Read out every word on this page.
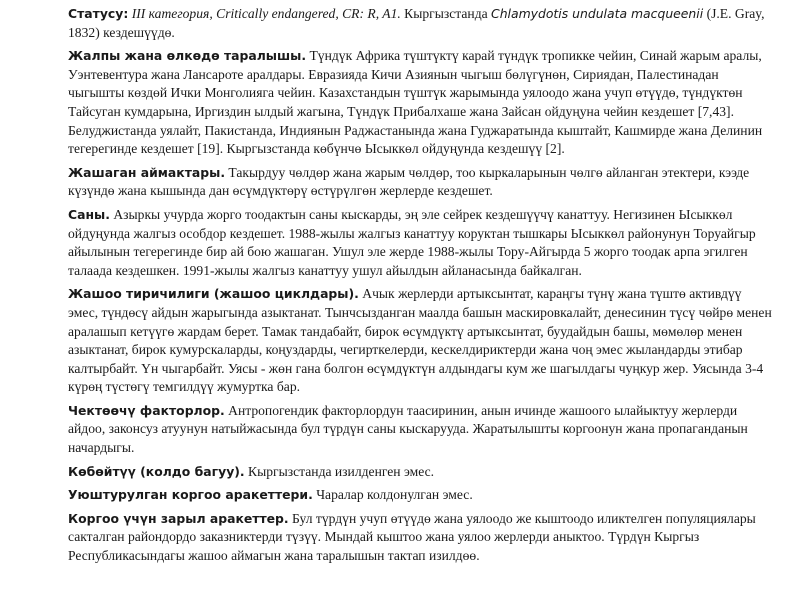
Статусу: III категория, Critically endangered, CR: R, A1. Кыргызстанда Chlamydotis undulata macqueenii (J.E. Gray, 1832) кездешүүдө.

Жалпы жана өлкөдө таралышы. Түндүк Африка түштүктү карай түндүк тропикке чейин, Синай жарым аралы, Уэнтевентура жана Лансароте аралдары. Евразияда Кичи Азиянын чыгыш бөлүгүнөн, Сириядан, Палестинадан чыгышты көздөй Ички Монголияга чейин. Казахстандын түштүк жарымында уялоодо жана учуп өтүүдө, түндүктөн Тайсуган кумдарына, Иргиздин ылдый жагына, Түндүк Прибалхаше жана Зайсан ойдуңуна чейин кездешет [7,43]. Белуджистанда уялайт, Пакистанда, Индиянын Раджастанында жана Гуджаратында кыштайт, Кашмирде жана Делинин тегерегинде кездешет [19]. Кыргызстанда көбүнчө Ысыккөл ойдуңунда кездешүү [2].

Жашаган аймактары. Такырдуу чөлдөр жана жарым чөлдөр, тоо кыркаларынын чөлгө айланган этектери, кээде күзүндө жана кышында дан өсүмдүктөрү өстүрүлгөн жерлерде кездешет.

Саны. Азыркы учурда жорго тоодактын саны кыскарды, эң эле сейрек кездешүүчү канаттуу. Негизинен Ысыккөл ойдуңунда жалгыз особдор кездешет. 1988-жылы жалгыз канаттуу коруктан тышкары Ысыккөл районунун Торуайгыр айылынын тегерегинде бир ай бою жашаган. Ушул эле жерде 1988-жылы Тору-Айгырда 5 жорго тоодак арпа эгилген талаада кездешкен. 1991-жылы жалгыз канаттуу ушул айылдын айланасында байкалган.

Жашоо тиричилиги (жашоо циклдары). Ачык жерлерди артыксынтат, караңгы түнү жана түштө активдүү эмес, түндөсү айдын жарыгында азыктанат. Тынчсызданган маалда башын маскировкалайт, денесинин түсү чөйрө менен аралашып кетүүгө жардам берет. Тамак тандабайт, бирок өсүмдүктү артыксынтат, буудайдын башы, мөмөлөр менен азыктанат, бирок кумурскаларды, коңуздарды, чегирткелерди, кескелдириктерди жана чоң эмес жыландарды этибар калтырбайт. Үн чыгарбайт. Уясы - жөн гана болгон өсүмдүктүн алдындагы кум же шагылдагы чуңкур жер. Уясында 3-4 күрөң түстөгү темгилдүү жумуртка бар.

Чектөөчү факторлор. Антропогендик факторлордун таасиринин, анын ичинде жашоого ылайыктуу жерлерди айдоо, законсуз атуунун натыйжасында бул түрдүн саны кыскарууда. Жаратылышты коргоонун жана пропаганданын начардыгы.

Көбөйтүү (колдо багуу). Кыргызстанда изилденген эмес.

Уюштурулган коргоо аракеттери. Чаралар колдонулган эмес.

Коргоо үчүн зарыл аракеттер. Бул түрдүн учуп өтүүдө жана уялоодо же кыштоодо иликтелген популяциялары сакталган райондордо заказниктерди түзүү. Мындай кыштоо жана уялоо жерлерди аныктоо. Түрдүн Кыргыз Республикасындагы жашоо аймагын жана таралышын тактап изилдөө.
